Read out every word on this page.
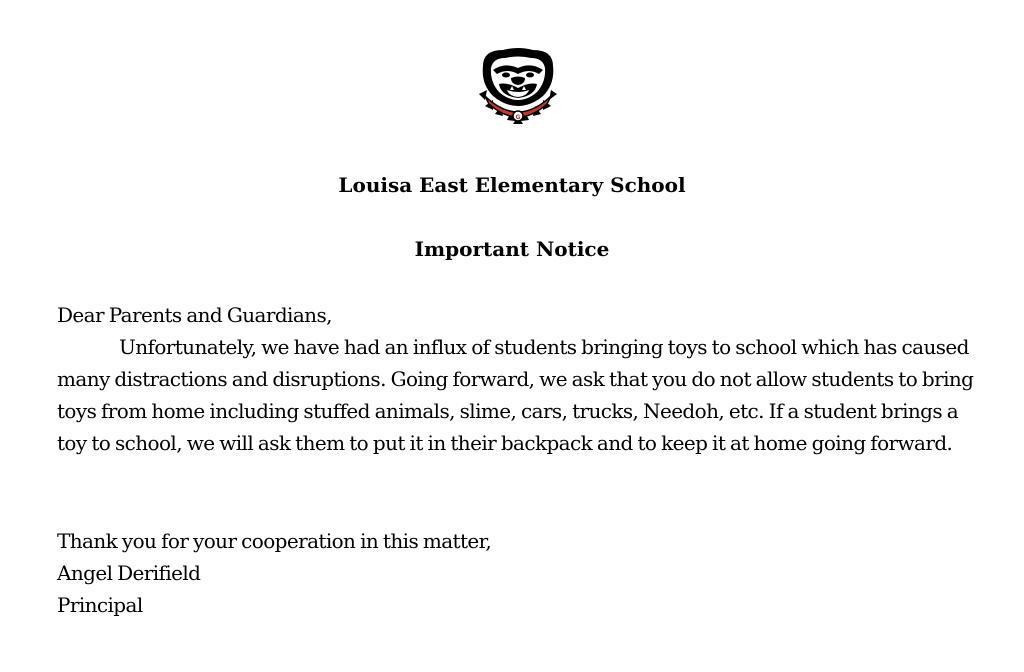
G
Louisa East Elementary School
Important Notice
Dear Parents and Guardians,
Unfortunately, we have had an influx of students bringing toys to school which has caused many distractions and disruptions. Going forward, we ask that you do not allow students to bring toys from home including stuffed animals, slime, cars, trucks, Needoh, etc. If a student brings a toy to school, we will ask them to put it in their backpack and to keep it at home going forward.
Thank you for your cooperation in this matter,
Angel Derifield
Principal
